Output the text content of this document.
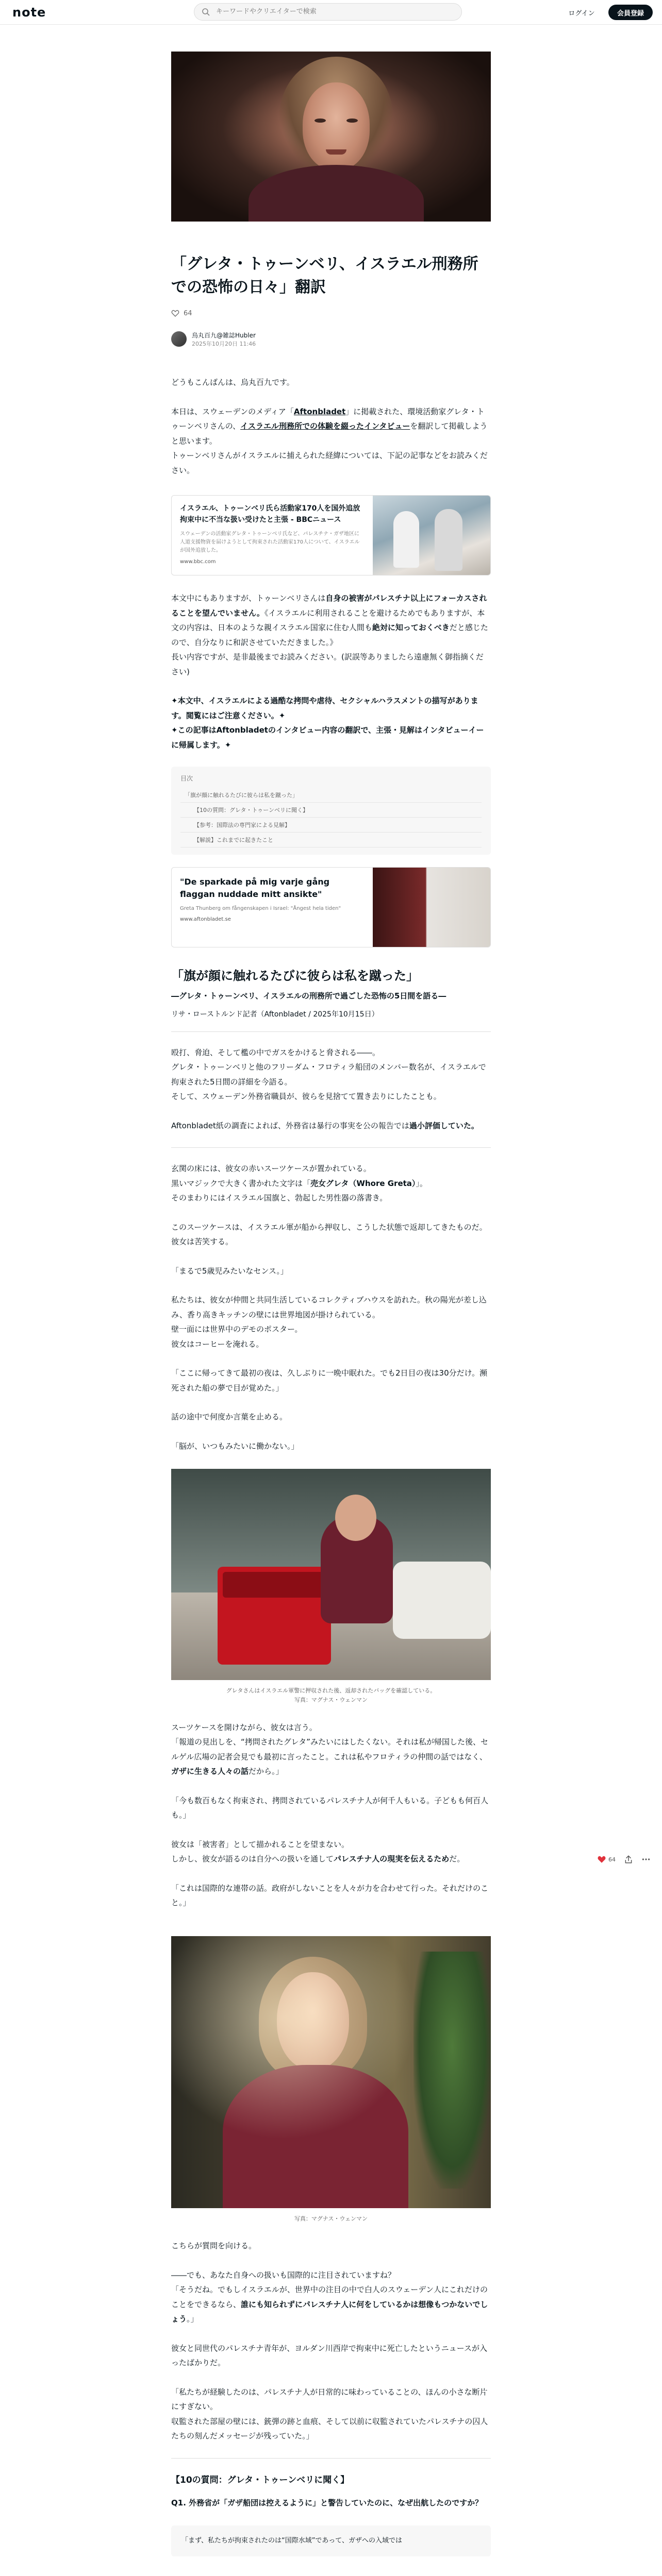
note
キーワードやクリエイターで検索	ログイン	会員登録
「グレタ・トゥーンベリ、イスラエル刑務所での恐怖の日々」翻訳
64
烏丸百九@雑誌Hubler
2025年10月20日 11:46

どうもこんばんは、烏丸百九です。

本日は、スウェーデンのメディア「Aftonbladet」に掲載された、環境活動家グレタ・トゥーンベリさんの、イスラエル刑務所での体験を綴ったインタビューを翻訳して掲載しようと思います。

トゥーンベリさんがイスラエルに捕えられた経緯については、下記の記事などをお読みください。

イスラエル、トゥーンベリ氏ら活動家170人を国外追放　拘束中に不当な扱い受けたと主張 - BBCニュース
スウェーデンの活動家グレタ・トゥーンベリ氏など、パレスチナ・ガザ地区に人道支援物資を届けようとして拘束された活動家170人について、イスラエルが国外追放した。
www.bbc.com

本文中にもありますが、トゥーンベリさんは自身の被害がパレスチナ以上にフォーカスされることを望んでいません。《イスラエルに利用されることを避けるためでもありますが、本文の内容は、日本のような親イスラエル国家に住む人間も絶対に知っておくべきだと感じたので、自分なりに和訳させていただきました。》

長い内容ですが、是非最後までお読みください。(訳誤等ありましたら遠慮無く御指摘ください)

✦本文中、イスラエルによる過酷な拷問や虐待、セクシャルハラスメントの描写があります。閲覧にはご注意ください。✦

✦この記事はAftonbladetのインタビュー内容の翻訳で、主張・見解はインタビューイーに帰属します。✦

目次
「旗が顔に触れるたびに彼らは私を蹴った」
【10の質問：グレタ・トゥーンベリに聞く】
【参考：国際法の専門家による見解】
【解説】これまでに起きたこと
"De sparkade på mig varje gång flaggan nuddade mitt ansikte"
Greta Thunberg om fångenskapen i Israel: "Ångest hela tiden"
www.aftonbladet.se
「旗が顔に触れるたびに彼らは私を蹴った」

―グレタ・トゥーンベリ、イスラエルの刑務所で過ごした恐怖の5日間を語る―

リサ・ローストルンド記者（Aftonbladet / 2025年10月15日）

殴打、脅迫、そして檻の中でガスをかけると脅される――。

グレタ・トゥーンベリと他のフリーダム・フロティラ船団のメンバー数名が、イスラエルで拘束された5日間の詳細を今語る。

そして、スウェーデン外務省職員が、彼らを見捨てて置き去りにしたことも。

Aftonbladet紙の調査によれば、外務省は暴行の事実を公の報告では過小評価していた。

玄関の床には、彼女の赤いスーツケースが置かれている。

黒いマジックで大きく書かれた文字は「売女グレタ（Whore Greta）」。

そのまわりにはイスラエル国旗と、勃起した男性器の落書き。

このスーツケースは、イスラエル軍が船から押収し、こうした状態で返却してきたものだ。

彼女は苦笑する。

「まるで5歳児みたいなセンス。」

私たちは、彼女が仲間と共同生活しているコレクティブハウスを訪れた。秋の陽光が差し込み、香り高きキッチンの壁には世界地図が掛けられている。

壁一面には世界中のデモのポスター。

彼女はコーヒーを淹れる。

「ここに帰ってきて最初の夜は、久しぶりに一晩中眠れた。でも2日目の夜は30分だけ。瀕死された船の夢で目が覚めた。」

話の途中で何度か言葉を止める。

「脳が、いつもみたいに働かない。」

グレタさんはイスラエル軍警に押収された後、返却されたバッグを確認している。
写真：マグナス・ウェンマン

スーツケースを開けながら、彼女は言う。

「報道の見出しを、“拷問されたグレタ”みたいにはしたくない。それは私が帰国した後、セルゲル広場の記者会見でも最初に言ったこと。これは私やフロティラの仲間の話ではなく、ガザに生きる人々の話だから。」

「今も数百もなく拘束され、拷問されているパレスチナ人が何千人もいる。子どもも何百人も。」

彼女は「被害者」として描かれることを望まない。

しかし、彼女が語るのは自分への扱いを通してパレスチナ人の現実を伝えるためだ。

「これは国際的な連帯の話。政府がしないことを人々が力を合わせて行った。それだけのこと。」

写真：マグナス・ウェンマン

こちらが質問を向ける。

――でも、あなた自身への扱いも国際的に注目されていますね？

「そうだね。でもしイスラエルが、世界中の注目の中で白人のスウェーデン人にこれだけのことをできるなら、誰にも知られずにパレスチナ人に何をしているかは想像もつかないでしょう。」

彼女と同世代のパレスチナ青年が、ヨルダン川西岸で拘束中に死亡したというニュースが入ったばかりだ。

「私たちが経験したのは、パレスチナ人が日常的に味わっていることの、ほんの小さな断片にすぎない。

収監された部屋の壁には、銃弾の跡と血痕、そして以前に収監されていたパレスチナの囚人たちの刻んだメッセージが残っていた。」

【10の質問：グレタ・トゥーンベリに聞く】

Q1. 外務省が「ガザ船団は控えるように」と警告していたのに、なぜ出航したのですか？

「まず、私たちが拘束されたのは“国際水域”であって、ガザへの入域では
64
